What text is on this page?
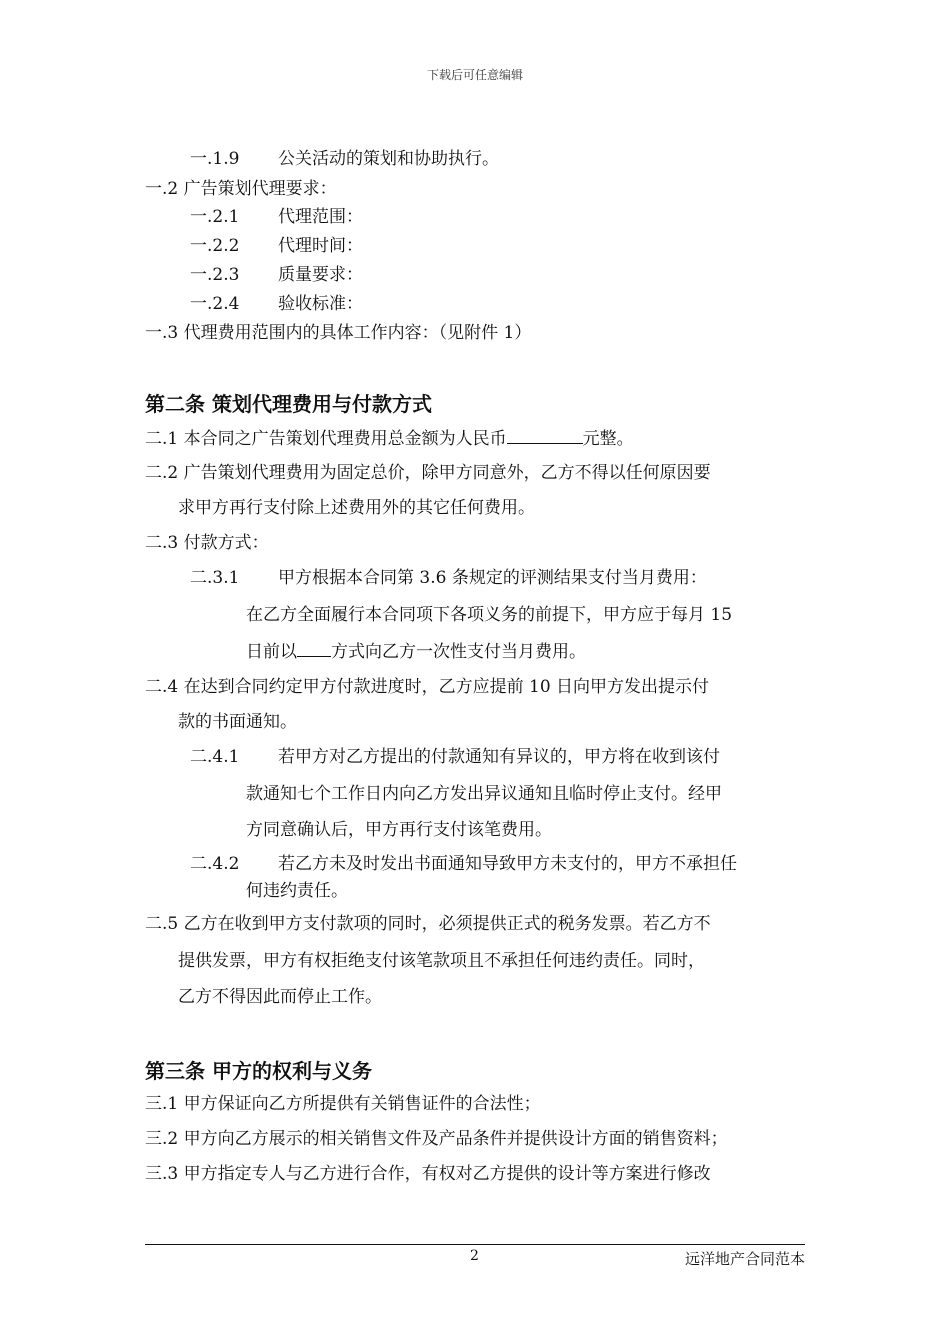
下载后可任意编辑
一.1.9 公关活动的策划和协助执行。
一.2 广告策划代理要求：
一.2.1 代理范围：
一.2.2 代理时间：
一.2.3 质量要求：
一.2.4 验收标准：
一.3 代理费用范围内的具体工作内容：（见附件 1）
第二条 策划代理费用与付款方式
二.1 本合同之广告策划代理费用总金额为人民币	元整。
二.2 广告策划代理费用为固定总价，除甲方同意外，乙方不得以任何原因要
求甲方再行支付除上述费用外的其它任何费用。
二.3 付款方式：
二.3.1 甲方根据本合同第 3.6 条规定的评测结果支付当月费用：
在乙方全面履行本合同项下各项义务的前提下，甲方应于每月 15
日前以 方式向乙方一次性支付当月费用。
二.4 在达到合同约定甲方付款进度时，乙方应提前 10 日向甲方发出提示付
款的书面通知。
二.4.1 若甲方对乙方提出的付款通知有异议的，甲方将在收到该付
款通知七个工作日内向乙方发出异议通知且临时停止支付。经甲
方同意确认后，甲方再行支付该笔费用。
二.4.2 若乙方未及时发出书面通知导致甲方未支付的，甲方不承担任
何违约责任。
二.5 乙方在收到甲方支付款项的同时，必须提供正式的税务发票。若乙方不
提供发票，甲方有权拒绝支付该笔款项且不承担任何违约责任。同时，
乙方不得因此而停止工作。
第三条 甲方的权利与义务
三.1 甲方保证向乙方所提供有关销售证件的合法性；
三.2 甲方向乙方展示的相关销售文件及产品条件并提供设计方面的销售资料；
三.3 甲方指定专人与乙方进行合作，有权对乙方提供的设计等方案进行修改
2	远洋地产合同范本
